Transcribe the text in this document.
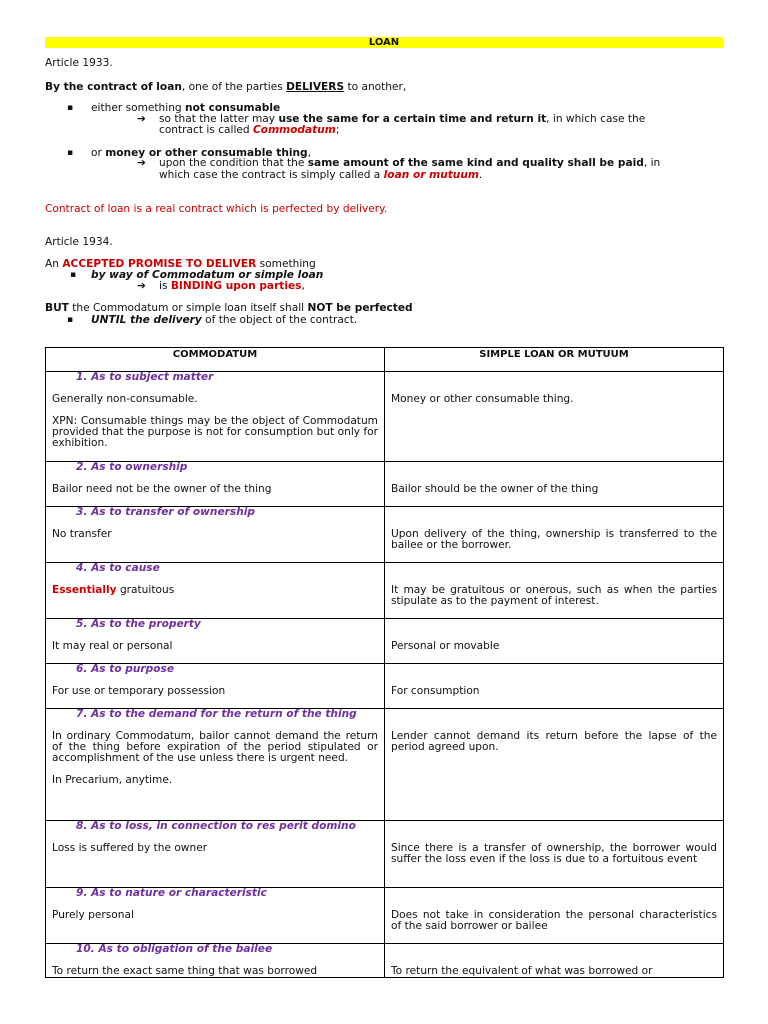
LOAN
Article 1933.
By the contract of loan, one of the parties DELIVERS to another,
▪ either something not consumable
➔ so that the latter may use the same for a certain time and return it, in which case the
contract is called Commodatum;
▪ or money or other consumable thing,
➔ upon the condition that the same amount of the same kind and quality shall be paid, in
which case the contract is simply called a loan or mutuum.
Contract of loan is a real contract which is perfected by delivery.
Article 1934.
An ACCEPTED PROMISE TO DELIVER something
▪ by way of Commodatum or simple loan
➔ is BINDING upon parties,
BUT the Commodatum or simple loan itself shall NOT be perfected
▪ UNTIL the delivery of the object of the contract.
COMMODATUM	SIMPLE LOAN OR MUTUUM

1. As to subject matter

Generally non-consumable.

XPN: Consumable things may be the object of Commodatum provided that the purpose is not for consumption but only for exhibition.	Money or other consumable thing.

2. As to ownership

Bailor need not be the owner of the thing	Bailor should be the owner of the thing

3. As to transfer of ownership

No transfer	Upon delivery of the thing, ownership is transferred to the bailee or the borrower.

4. As to cause

Essentially gratuitous	It may be gratuitous or onerous, such as when the parties stipulate as to the payment of interest.

5. As to the property

It may real or personal	Personal or movable

6. As to purpose

For use or temporary possession	For consumption

7. As to the demand for the return of the thing

In ordinary Commodatum, bailor cannot demand the return of the thing before expiration of the period stipulated or accomplishment of the use unless there is urgent need.

In Precarium, anytime.	Lender cannot demand its return before the lapse of the period agreed upon.

8. As to loss, in connection to res perit domino

Loss is suffered by the owner	Since there is a transfer of ownership, the borrower would suffer the loss even if the loss is due to a fortuitous event

9. As to nature or characteristic

Purely personal	Does not take in consideration the personal characteristics of the said borrower or bailee

10. As to obligation of the bailee

To return the exact same thing that was borrowed	To return the equivalent of what was borrowed or
